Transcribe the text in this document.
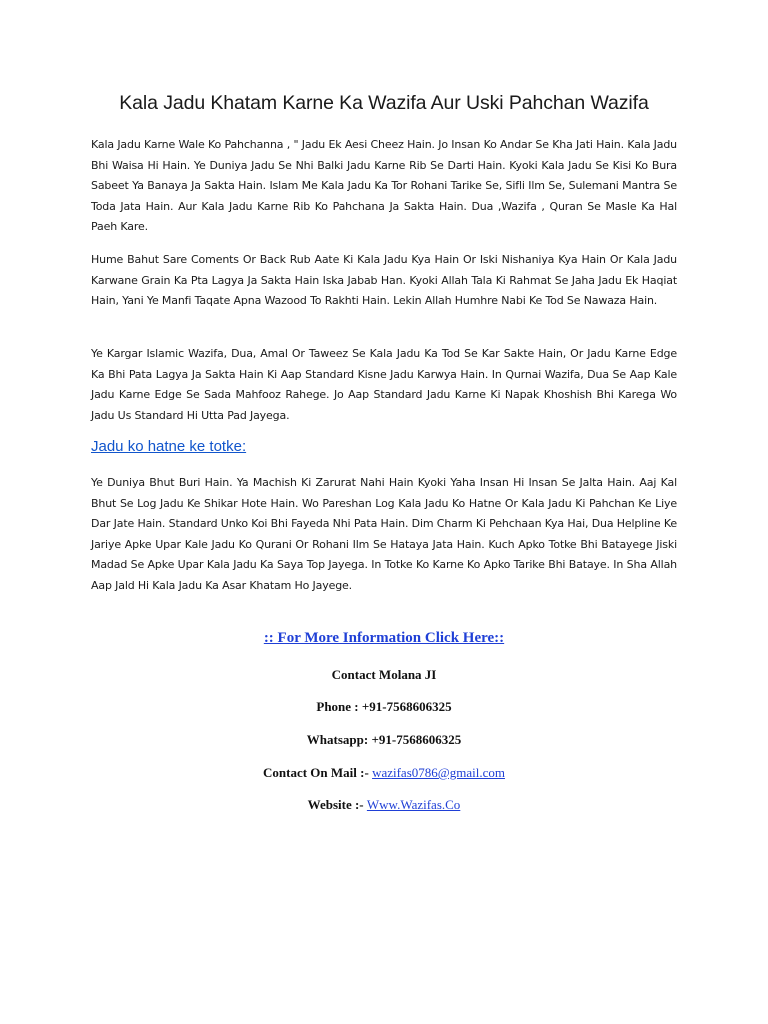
Kala Jadu Khatam Karne Ka Wazifa Aur Uski Pahchan Wazifa
Kala Jadu Karne Wale Ko Pahchanna , " Jadu Ek Aesi Cheez Hain. Jo Insan Ko Andar Se Kha Jati Hain. Kala Jadu Bhi Waisa Hi Hain. Ye Duniya Jadu Se Nhi Balki Jadu Karne Rib Se Darti Hain. Kyoki Kala Jadu Se Kisi Ko Bura Sabeet Ya Banaya Ja Sakta Hain. Islam Me Kala Jadu Ka Tor Rohani Tarike Se, Sifli Ilm Se, Sulemani Mantra Se Toda Jata Hain. Aur Kala Jadu Karne Rib Ko Pahchana Ja Sakta Hain. Dua ,Wazifa , Quran Se Masle Ka Hal Paeh Kare.
Hume Bahut Sare Coments Or Back Rub Aate Ki Kala Jadu Kya Hain Or Iski Nishaniya Kya Hain Or Kala Jadu Karwane Grain Ka Pta Lagya Ja Sakta Hain Iska Jabab Han. Kyoki Allah Tala Ki Rahmat Se Jaha Jadu Ek Haqiat Hain, Yani Ye Manfi Taqate Apna Wazood To Rakhti Hain. Lekin Allah Humhre Nabi Ke Tod Se Nawaza Hain.
Ye Kargar Islamic Wazifa, Dua, Amal Or Taweez Se Kala Jadu Ka Tod Se Kar Sakte Hain, Or Jadu Karne Edge Ka Bhi Pata Lagya Ja Sakta Hain Ki Aap Standard Kisne Jadu Karwya Hain. In Qurnai Wazifa, Dua Se Aap Kale Jadu Karne Edge Se Sada Mahfooz Rahege. Jo Aap Standard Jadu Karne Ki Napak Khoshish Bhi Karega Wo Jadu Us Standard Hi Utta Pad Jayega.
Jadu ko hatne ke totke:
Ye Duniya Bhut Buri Hain. Ya Machish Ki Zarurat Nahi Hain Kyoki Yaha Insan Hi Insan Se Jalta Hain. Aaj Kal Bhut Se Log Jadu Ke Shikar Hote Hain. Wo Pareshan Log Kala Jadu Ko Hatne Or Kala Jadu Ki Pahchan Ke Liye Dar Jate Hain. Standard Unko Koi Bhi Fayeda Nhi Pata Hain. Dim Charm Ki Pehchaan Kya Hai, Dua Helpline Ke Jariye Apke Upar Kale Jadu Ko Qurani Or Rohani Ilm Se Hataya Jata Hain. Kuch Apko Totke Bhi Batayege Jiski Madad Se Apke Upar Kala Jadu Ka Saya Top Jayega. In Totke Ko Karne Ko Apko Tarike Bhi Bataye. In Sha Allah Aap Jald Hi Kala Jadu Ka Asar Khatam Ho Jayege.
:: For More Information Click Here::
Contact Molana JI
Phone : +91-7568606325
Whatsapp: +91-7568606325
Contact On Mail :- wazifas0786@gmail.com
Website :- Www.Wazifas.Co
